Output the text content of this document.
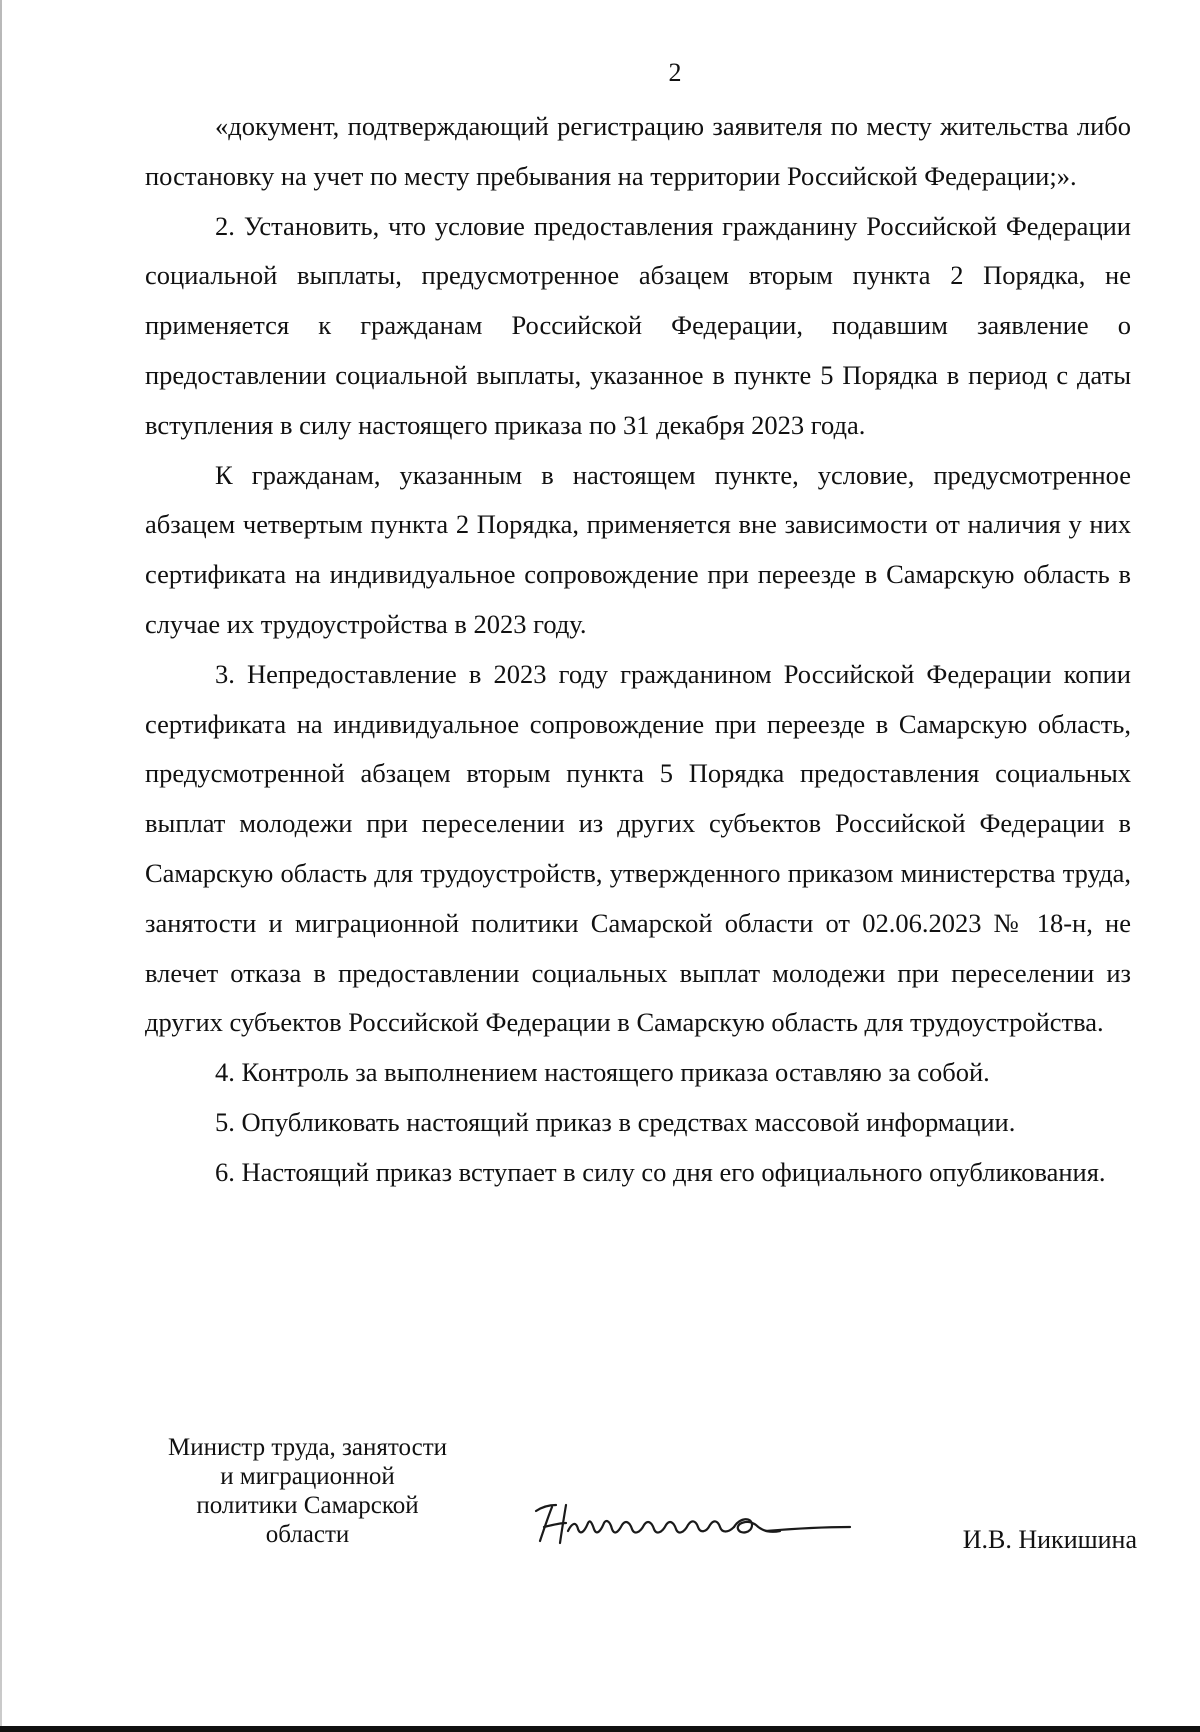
2

«документ, подтверждающий регистрацию заявителя по месту жительства либо постановку на учет по месту пребывания на территории Российской Федерации;».

2. Установить, что условие предоставления гражданину Российской Федерации социальной выплаты, предусмотренное абзацем вторым пункта 2 Порядка, не применяется к гражданам Российской Федерации, подавшим заявление о предоставлении социальной выплаты, указанное в пункте 5 Порядка в период с даты вступления в силу настоящего приказа по 31 декабря 2023 года.

К гражданам, указанным в настоящем пункте, условие, предусмотренное абзацем четвертым пункта 2 Порядка, применяется вне зависимости от наличия у них сертификата на индивидуальное сопровождение при переезде в Самарскую область в случае их трудоустройства в 2023 году.

3. Непредоставление в 2023 году гражданином Российской Федерации копии сертификата на индивидуальное сопровождение при переезде в Самарскую область, предусмотренной абзацем вторым пункта 5 Порядка предоставления социальных выплат молодежи при переселении из других субъектов Российской Федерации в Самарскую область для трудоустройств, утвержденного приказом министерства труда, занятости и миграционной политики Самарской области от 02.06.2023 № 18-н, не влечет отказа в предоставлении социальных выплат молодежи при переселении из других субъектов Российской Федерации в Самарскую область для трудоустройства.

4. Контроль за выполнением настоящего приказа оставляю за собой.

5. Опубликовать настоящий приказ в средствах массовой информации.

6. Настоящий приказ вступает в силу со дня его официального опубликования.

Министр труда, занятости
и миграционной
политики Самарской
области	И.В. Никишина
